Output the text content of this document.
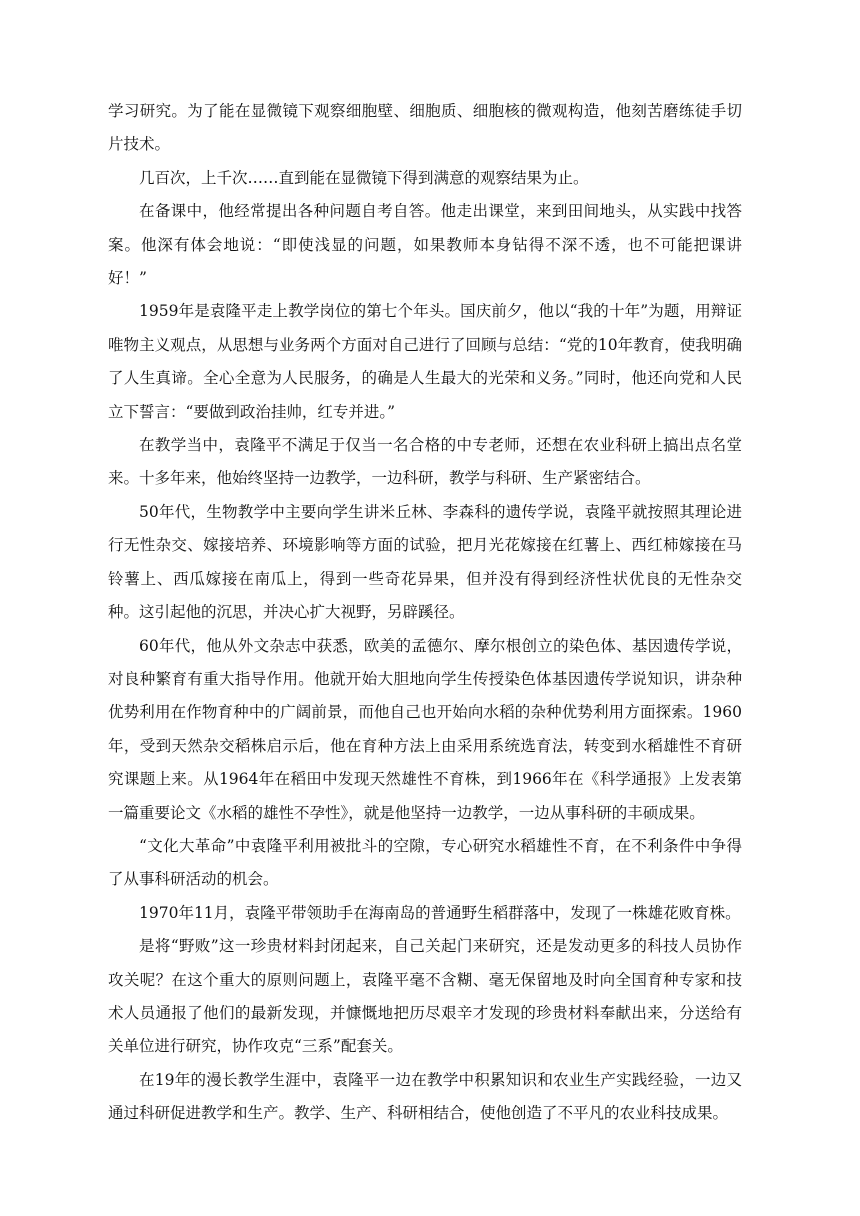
学习研究。为了能在显微镜下观察细胞壁、细胞质、细胞核的微观构造，他刻苦磨练徒手切片技术。

几百次，上千次……直到能在显微镜下得到满意的观察结果为止。

在备课中，他经常提出各种问题自考自答。他走出课堂，来到田间地头，从实践中找答案。他深有体会地说：“即使浅显的问题，如果教师本身钻得不深不透，也不可能把课讲好！”

1959年是袁隆平走上教学岗位的第七个年头。国庆前夕，他以“我的十年”为题，用辩证唯物主义观点，从思想与业务两个方面对自己进行了回顾与总结：“党的10年教育，使我明确了人生真谛。全心全意为人民服务，的确是人生最大的光荣和义务。”同时，他还向党和人民立下誓言：“要做到政治挂帅，红专并进。”

在教学当中，袁隆平不满足于仅当一名合格的中专老师，还想在农业科研上搞出点名堂来。十多年来，他始终坚持一边教学，一边科研，教学与科研、生产紧密结合。

50年代，生物教学中主要向学生讲米丘林、李森科的遗传学说，袁隆平就按照其理论进行无性杂交、嫁接培养、环境影响等方面的试验，把月光花嫁接在红薯上、西红柿嫁接在马铃薯上、西瓜嫁接在南瓜上，得到一些奇花异果，但并没有得到经济性状优良的无性杂交种。这引起他的沉思，并决心扩大视野，另辟蹊径。

60年代，他从外文杂志中获悉，欧美的孟德尔、摩尔根创立的染色体、基因遗传学说，对良种繁育有重大指导作用。他就开始大胆地向学生传授染色体基因遗传学说知识，讲杂种优势利用在作物育种中的广阔前景，而他自己也开始向水稻的杂种优势利用方面探索。1960年，受到天然杂交稻株启示后，他在育种方法上由采用系统选育法，转变到水稻雄性不育研究课题上来。从1964年在稻田中发现天然雄性不育株，到1966年在《科学通报》上发表第一篇重要论文《水稻的雄性不孕性》，就是他坚持一边教学，一边从事科研的丰硕成果。

“文化大革命”中袁隆平利用被批斗的空隙，专心研究水稻雄性不育，在不利条件中争得了从事科研活动的机会。

1970年11月，袁隆平带领助手在海南岛的普通野生稻群落中，发现了一株雄花败育株。

是将“野败”这一珍贵材料封闭起来，自己关起门来研究，还是发动更多的科技人员协作攻关呢？在这个重大的原则问题上，袁隆平毫不含糊、毫无保留地及时向全国育种专家和技术人员通报了他们的最新发现，并慷慨地把历尽艰辛才发现的珍贵材料奉献出来，分送给有关单位进行研究，协作攻克“三系”配套关。

在19年的漫长教学生涯中，袁隆平一边在教学中积累知识和农业生产实践经验，一边又通过科研促进教学和生产。教学、生产、科研相结合，使他创造了不平凡的农业科技成果。
